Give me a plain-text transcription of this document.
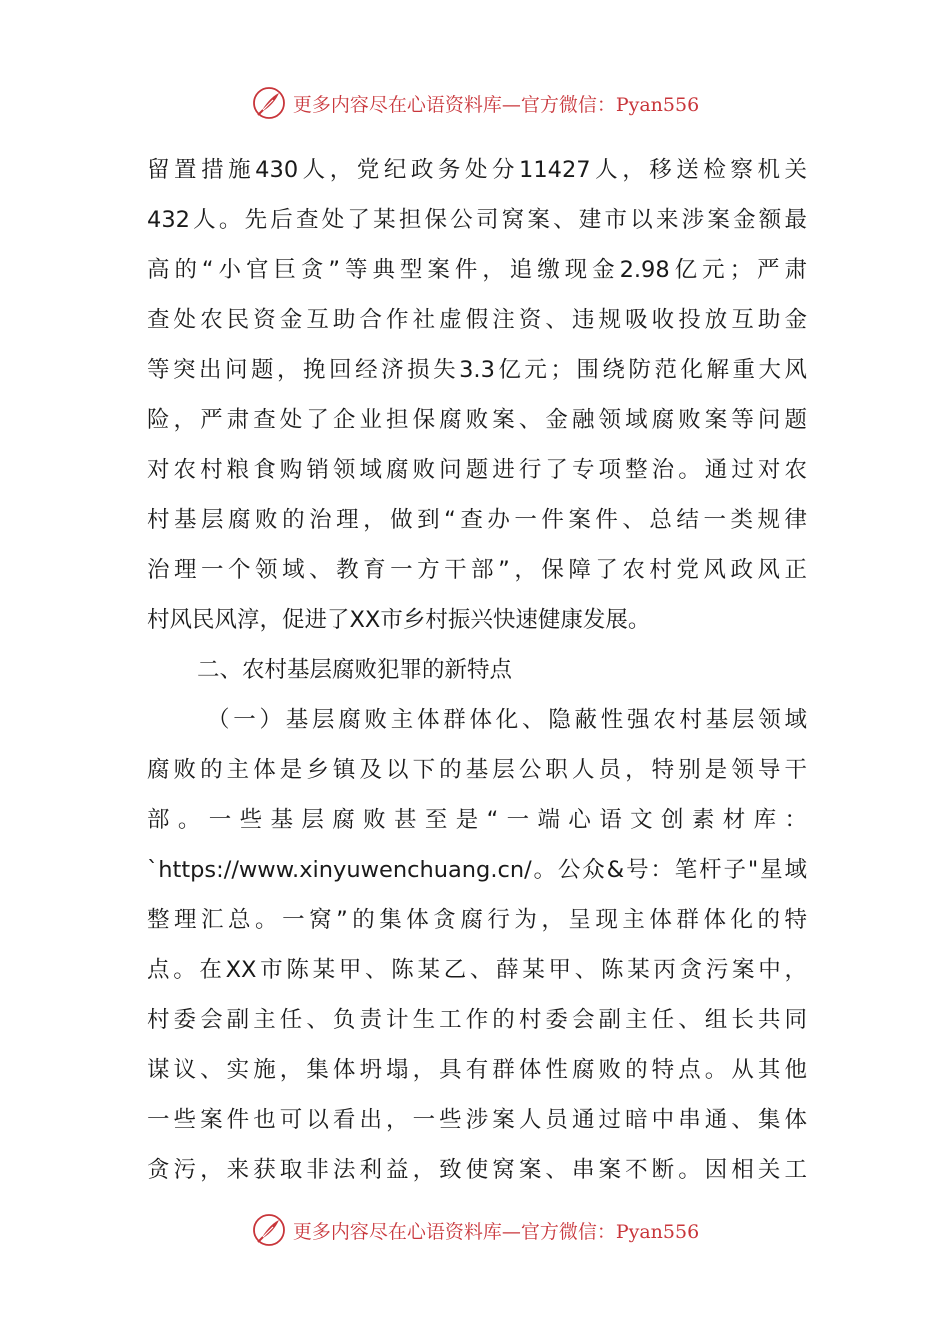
更多内容尽在心语资料库—官方微信：Pyan556
留置措施430人，党纪政务处分11427人，移送检察机关
432人。先后查处了某担保公司窝案、建市以来涉案金额最
高的“小官巨贪”等典型案件，追缴现金2.98亿元；严肃
查处农民资金互助合作社虚假注资、违规吸收投放互助金
等突出问题，挽回经济损失3.3亿元；围绕防范化解重大风
险，严肃查处了企业担保腐败案、金融领域腐败案等问题
对农村粮食购销领域腐败问题进行了专项整治。通过对农
村基层腐败的治理，做到“查办一件案件、总结一类规律
治理一个领域、教育一方干部”，保障了农村党风政风正
村风民风淳，促进了XX市乡村振兴快速健康发展。
二、农村基层腐败犯罪的新特点
（一）基层腐败主体群体化、隐蔽性强农村基层领域
腐败的主体是乡镇及以下的基层公职人员，特别是领导干
部。一些基层腐败甚至是“一端心语文创素材库：
`https://www.xinyuwenchuang.cn/。公众&号：笔杆子"星域
整理汇总。一窝”的集体贪腐行为，呈现主体群体化的特
点。在XX市陈某甲、陈某乙、薛某甲、陈某丙贪污案中，
村委会副主任、负责计生工作的村委会副主任、组长共同
谋议、实施，集体坍塌，具有群体性腐败的特点。从其他
一些案件也可以看出，一些涉案人员通过暗中串通、集体
贪污，来获取非法利益，致使窝案、串案不断。因相关工
更多内容尽在心语资料库—官方微信：Pyan556
